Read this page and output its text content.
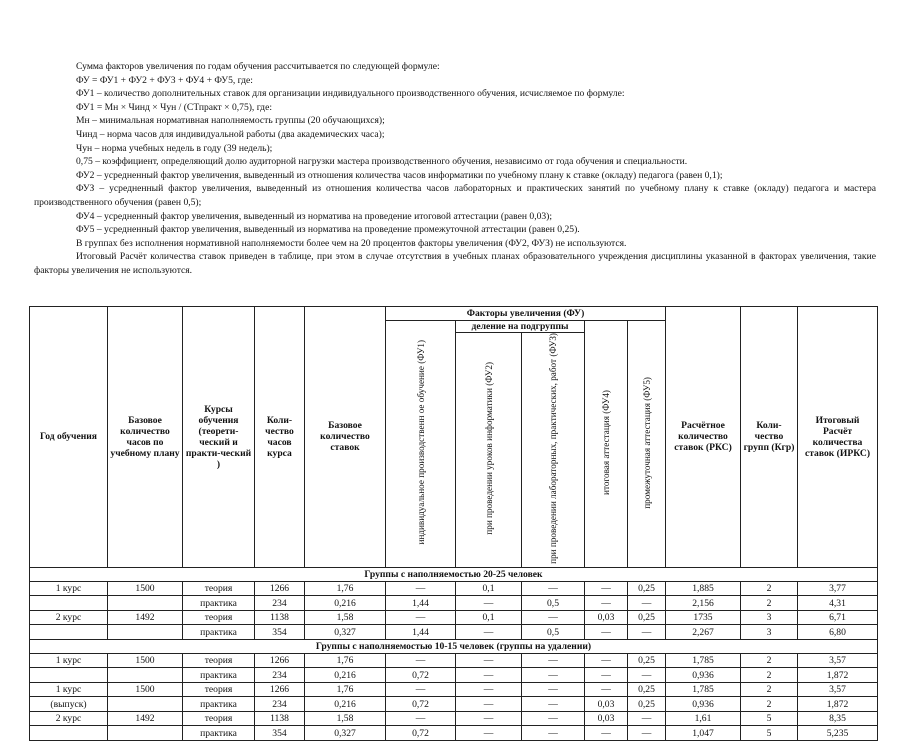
Сумма факторов увеличения по годам обучения рассчитывается по следующей формуле:

ФУ = ФУ1 + ФУ2 + ФУ3 + ФУ4 + ФУ5, где:

ФУ1 – количество дополнительных ставок для организации индивидуального производственного обучения, исчисляемое по формуле:

ФУ1 = Мн × Чинд × Чун / (СТпракт × 0,75), где:

Мн – минимальная нормативная наполняемость группы (20 обучающихся);

Чинд – норма часов для индивидуальной работы (два академических часа);

Чун – норма учебных недель в году (39 недель);

0,75 – коэффициент, определяющий долю аудиторной нагрузки мастера производственного обучения, независимо от года обучения и специальности.

ФУ2 – усредненный фактор увеличения, выведенный из отношения количества часов информатики по учебному плану к ставке (окладу) педагога (равен 0,1);

ФУЗ – усредненный фактор увеличения, выведенный из отношения количества часов лабораторных и практических занятий по учебному плану к ставке (окладу) педагога и мастера производственного обучения (равен 0,5);

ФУ4 – усредненный фактор увеличения, выведенный из норматива на проведение итоговой аттестации (равен 0,03);

ФУ5 – усредненный фактор увеличения, выведенный из норматива на проведение промежуточной аттестации (равен 0,25).

В группах без исполнения нормативной наполняемости более чем на 20 процентов факторы увеличения (ФУ2, ФУЗ) не используются.

Итоговый Расчёт количества ставок приведен в таблице, при этом в случае отсутствия в учебных планах образовательного учреждения дисциплины указанной в факторах увеличения, такие факторы увеличения не используются.

Год обучения	Базовое количество часов по учебному плану	Курсы обучения (теорети-ческий и практи-ческий )	Коли-чество часов курса	Базовое количество ставок	Факторы увеличения (ФУ)					Расчётное количество ставок (РКС)	Коли-чество групп (Кгр)	Итоговый Расчёт количества ставок (ИРКС)
					индивидуальное производственн ое обучение (ФУ1)	деление на подгруппы		итоговая аттестация (ФУ4)	промежуточная аттестация (ФУ5)			
						при проведении уроков информатики (ФУ2)	при проведении лабораторных, практических, работ (ФУЗ)					
Группы с наполняемостью 20-25 человек												
1 курс	1500	теория	1266	1,76	—	0,1	—	—	0,25	1,885	2	3,77
		практика	234	0,216	1,44	—	0,5	—	—	2,156	2	4,31
2 курс	1492	теория	1138	1,58	—	0,1	—	0,03	0,25	1735	3	6,71
		практика	354	0,327	1,44	—	0,5	—	—	2,267	3	6,80
Группы с наполняемостью 10-15 человек (группы на удалении)												
1 курс	1500	теория	1266	1,76	—	—	—	—	0,25	1,785	2	3,57
		практика	234	0,216	0,72	—	—	—	—	0,936	2	1,872
1 курс	1500	теория	1266	1,76	—	—	—	—	0,25	1,785	2	3,57
(выпуск)		практика	234	0,216	0,72	—	—	0,03	0,25	0,936	2	1,872
2 курс	1492	теория	1138	1,58	—	—	—	0,03	—	1,61	5	8,35
		практика	354	0,327	0,72	—	—	—	—	1,047	5	5,235
